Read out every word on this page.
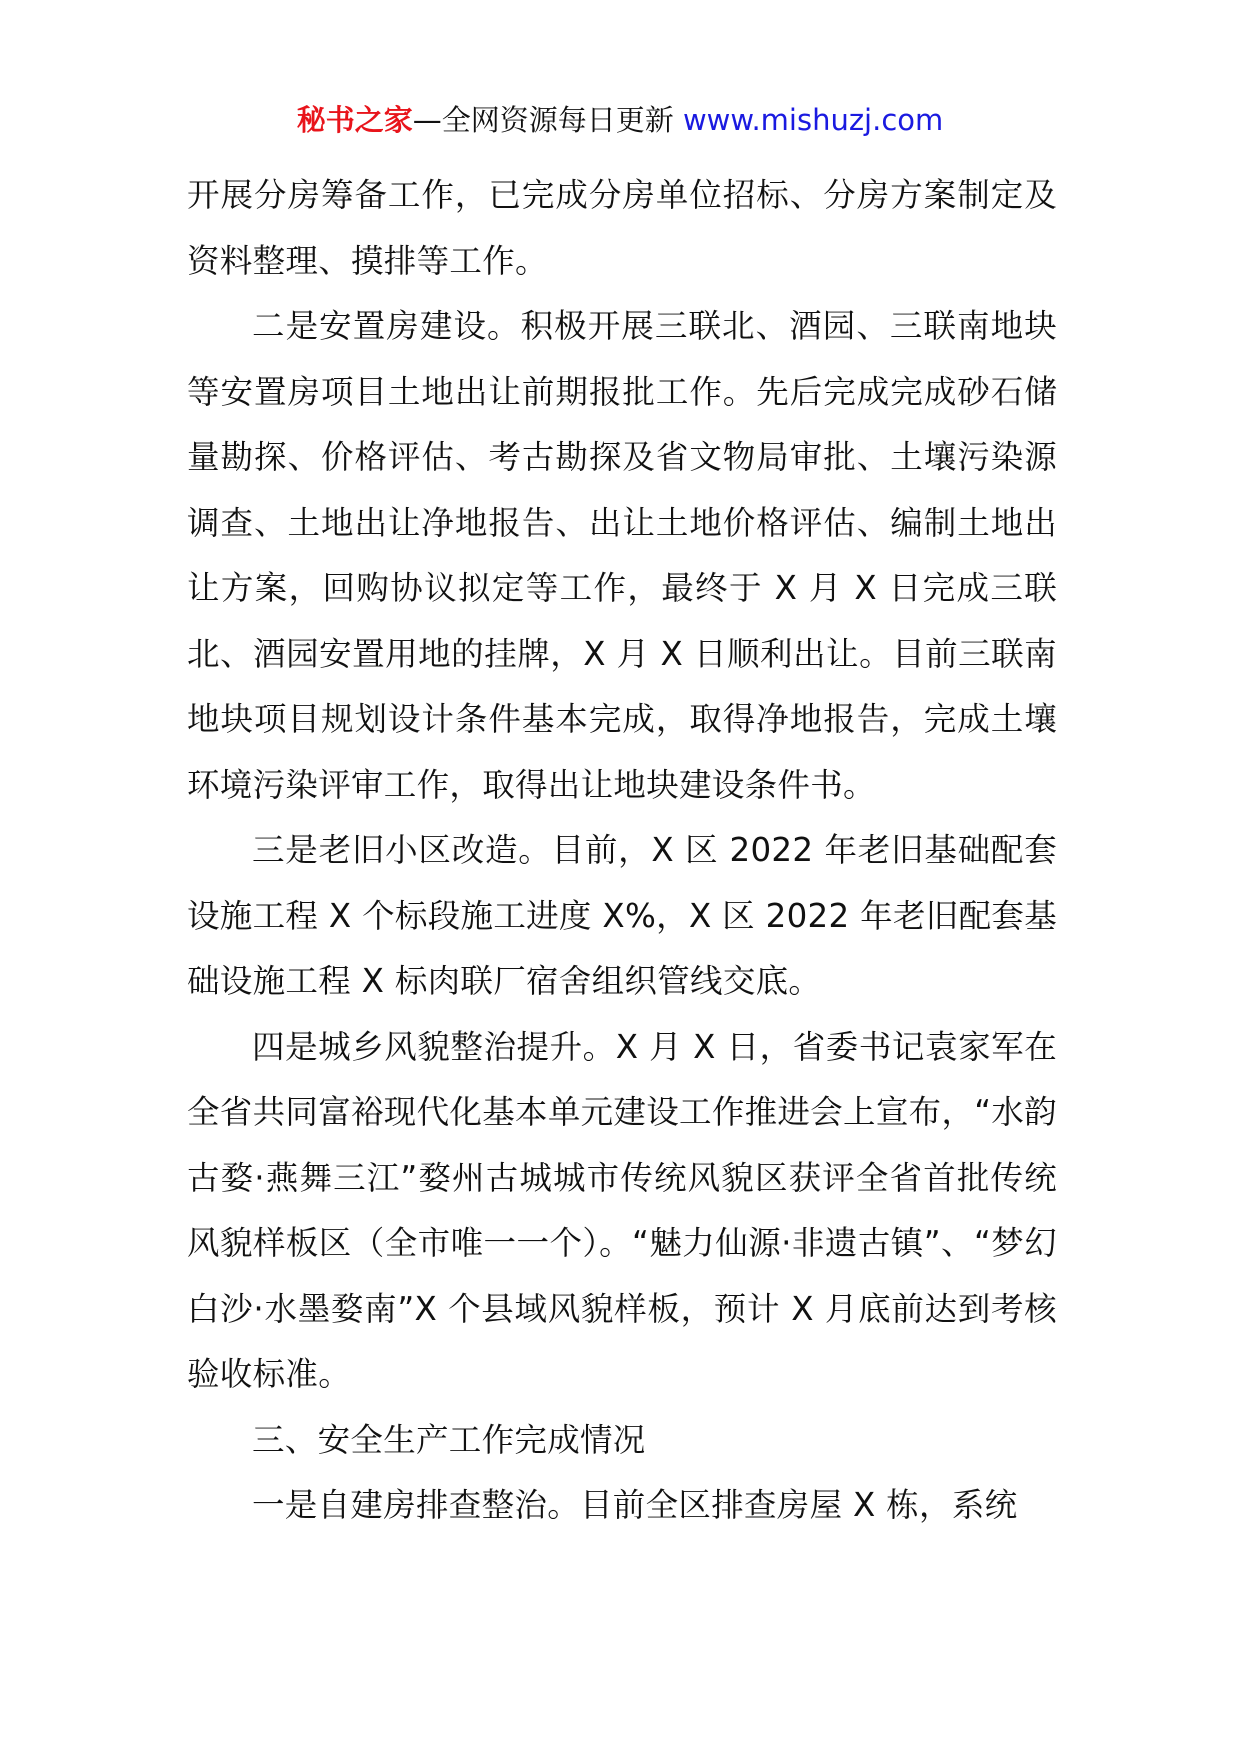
秘书之家—全网资源每日更新 www.mishuzj.com

开展分房筹备工作，已完成分房单位招标、分房方案制定及资料整理、摸排等工作。

二是安置房建设。积极开展三联北、酒园、三联南地块等安置房项目土地出让前期报批工作。先后完成完成砂石储量勘探、价格评估、考古勘探及省文物局审批、土壤污染源调查、土地出让净地报告、出让土地价格评估、编制土地出让方案，回购协议拟定等工作，最终于 X 月 X 日完成三联北、酒园安置用地的挂牌，X 月 X 日顺利出让。目前三联南地块项目规划设计条件基本完成，取得净地报告，完成土壤环境污染评审工作，取得出让地块建设条件书。

三是老旧小区改造。目前，X 区 2022 年老旧基础配套设施工程 X 个标段施工进度 X%，X 区 2022 年老旧配套基础设施工程 X 标肉联厂宿舍组织管线交底。

四是城乡风貌整治提升。X 月 X 日，省委书记袁家军在全省共同富裕现代化基本单元建设工作推进会上宣布，“水韵古婺·燕舞三江”婺州古城城市传统风貌区获评全省首批传统风貌样板区（全市唯一一个）。“魅力仙源·非遗古镇”、“梦幻白沙·水墨婺南”X 个县域风貌样板，预计 X 月底前达到考核验收标准。

三、安全生产工作完成情况

一是自建房排查整治。目前全区排查房屋 X 栋，系统
